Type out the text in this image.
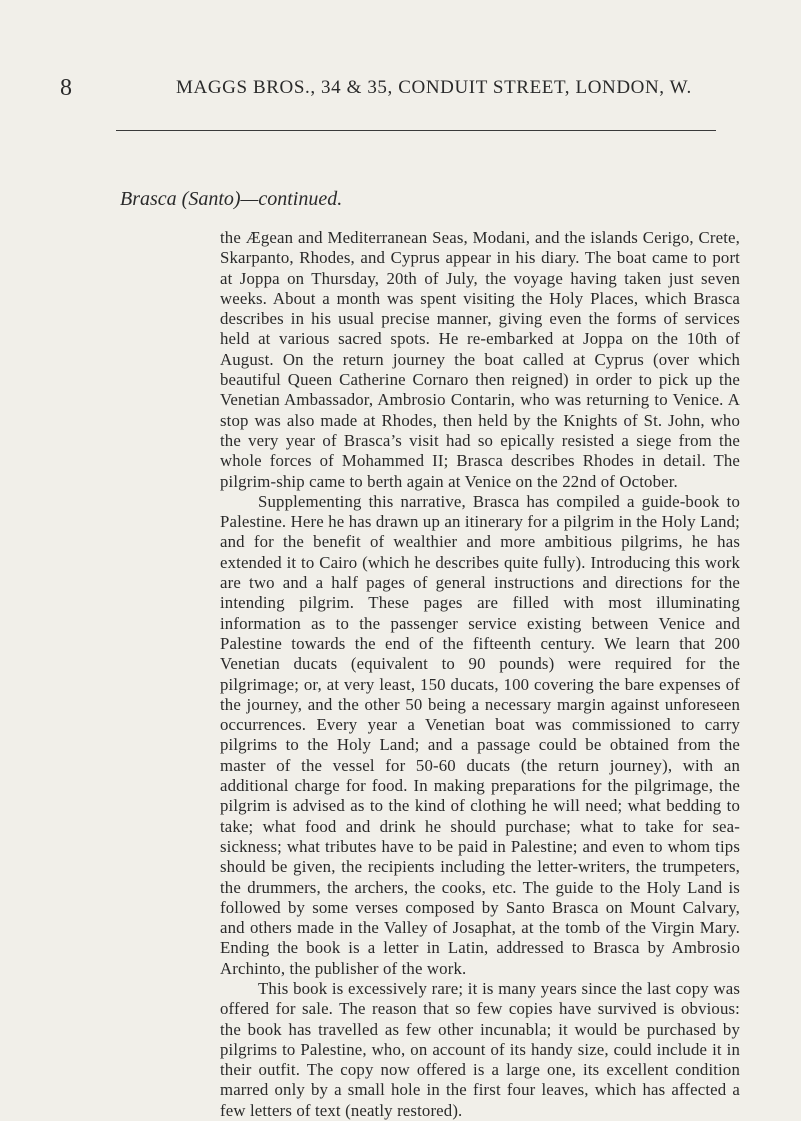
8	MAGGS BROS., 34 & 35, CONDUIT STREET, LONDON, W.
Brasca (Santo)—continued.

the Ægean and Mediterranean Seas, Modani, and the islands Cerigo, Crete, Skarpanto, Rhodes, and Cyprus appear in his diary. The boat came to port at Joppa on Thursday, 20th of July, the voyage having taken just seven weeks. About a month was spent visiting the Holy Places, which Brasca describes in his usual precise manner, giving even the forms of services held at various sacred spots. He re-embarked at Joppa on the 10th of August. On the return journey the boat called at Cyprus (over which beautiful Queen Catherine Cornaro then reigned) in order to pick up the Venetian Ambassador, Ambrosio Contarin, who was returning to Venice. A stop was also made at Rhodes, then held by the Knights of St. John, who the very year of Brasca’s visit had so epically resisted a siege from the whole forces of Mohammed II; Brasca describes Rhodes in detail. The pilgrim-ship came to berth again at Venice on the 22nd of October.

Supplementing this narrative, Brasca has compiled a guide-book to Palestine. Here he has drawn up an itinerary for a pilgrim in the Holy Land; and for the benefit of wealthier and more ambitious pilgrims, he has extended it to Cairo (which he describes quite fully). Introducing this work are two and a half pages of general instructions and directions for the intending pilgrim. These pages are filled with most illuminating information as to the passenger service existing between Venice and Palestine towards the end of the fifteenth century. We learn that 200 Venetian ducats (equivalent to 90 pounds) were required for the pilgrimage; or, at very least, 150 ducats, 100 covering the bare expenses of the journey, and the other 50 being a necessary margin against unforeseen occurrences. Every year a Venetian boat was commissioned to carry pilgrims to the Holy Land; and a passage could be obtained from the master of the vessel for 50-60 ducats (the return journey), with an additional charge for food. In making preparations for the pilgrimage, the pilgrim is advised as to the kind of clothing he will need; what bedding to take; what food and drink he should purchase; what to take for sea-sickness; what tributes have to be paid in Palestine; and even to whom tips should be given, the recipients including the letter-writers, the trumpeters, the drummers, the archers, the cooks, etc. The guide to the Holy Land is followed by some verses composed by Santo Brasca on Mount Calvary, and others made in the Valley of Josaphat, at the tomb of the Virgin Mary. Ending the book is a letter in Latin, addressed to Brasca by Ambrosio Archinto, the publisher of the work.

This book is excessively rare; it is many years since the last copy was offered for sale. The reason that so few copies have survived is obvious: the book has travelled as few other incunabla; it would be purchased by pilgrims to Palestine, who, on account of its handy size, could include it in their outfit. The copy now offered is a large one, its excellent condition marred only by a small hole in the first four leaves, which has affected a few letters of text (neatly restored).
